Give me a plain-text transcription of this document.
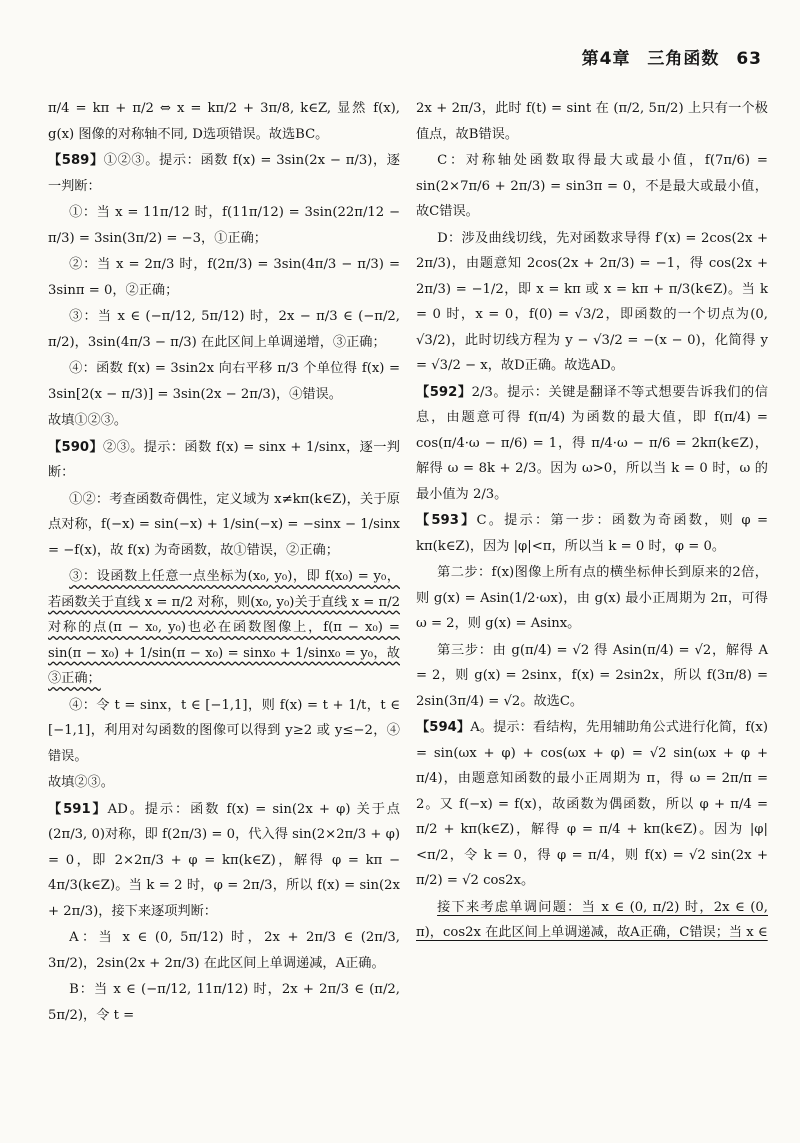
第4章 三角函数 63

π/4 = kπ + π/2 ⇔ x = kπ/2 + 3π/8, k∈Z, 显然 f(x), g(x) 图像的对称轴不同, D选项错误。故选BC。

【589】①②③。提示：函数 f(x) = 3sin(2x − π/3)，逐一判断：

①：当 x = 11π/12 时，f(11π/12) = 3sin(22π/12 − π/3) = 3sin(3π/2) = −3，①正确；

②：当 x = 2π/3 时，f(2π/3) = 3sin(4π/3 − π/3) = 3sinπ = 0，②正确；

③：当 x ∈ (−π/12, 5π/12) 时，2x − π/3 ∈ (−π/2, π/2)，3sin(4π/3 − π/3) 在此区间上单调递增，③正确；

④：函数 f(x) = 3sin2x 向右平移 π/3 个单位得 f(x) = 3sin[2(x − π/3)] = 3sin(2x − 2π/3)，④错误。

故填①②③。

【590】②③。提示：函数 f(x) = sinx + 1/sinx，逐一判断：

①②：考查函数奇偶性，定义域为 x≠kπ(k∈Z)，关于原点对称，f(−x) = sin(−x) + 1/sin(−x) = −sinx − 1/sinx = −f(x)，故 f(x) 为奇函数，故①错误，②正确；

③：设函数上任意一点坐标为(x₀, y₀)，即 f(x₀) = y₀，若函数关于直线 x = π/2 对称，则(x₀, y₀)关于直线 x = π/2 对称的点(π − x₀, y₀)也必在函数图像上，f(π − x₀) = sin(π − x₀) + 1/sin(π − x₀) = sinx₀ + 1/sinx₀ = y₀，故③正确；

④：令 t = sinx，t ∈ [−1,1]，则 f(x) = t + 1/t，t ∈ [−1,1]，利用对勾函数的图像可以得到 y≥2 或 y≤−2，④错误。

故填②③。

【591】AD。提示：函数 f(x) = sin(2x + φ) 关于点(2π/3, 0)对称，即 f(2π/3) = 0，代入得 sin(2×2π/3 + φ) = 0，即 2×2π/3 + φ = kπ(k∈Z)，解得 φ = kπ − 4π/3(k∈Z)。当 k = 2 时，φ = 2π/3，所以 f(x) = sin(2x + 2π/3)，接下来逐项判断：

A：当 x ∈ (0, 5π/12) 时，2x + 2π/3 ∈ (2π/3, 3π/2)，2sin(2x + 2π/3) 在此区间上单调递减，A正确。

B：当 x ∈ (−π/12, 11π/12) 时，2x + 2π/3 ∈ (π/2, 5π/2)，令 t =

2x + 2π/3，此时 f(t) = sint 在 (π/2, 5π/2) 上只有一个极值点，故B错误。

C：对称轴处函数取得最大或最小值，f(7π/6) = sin(2×7π/6 + 2π/3) = sin3π = 0，不是最大或最小值，故C错误。

D：涉及曲线切线，先对函数求导得 f′(x) = 2cos(2x + 2π/3)，由题意知 2cos(2x + 2π/3) = −1，得 cos(2x + 2π/3) = −1/2，即 x = kπ 或 x = kπ + π/3(k∈Z)。当 k = 0 时，x = 0，f(0) = √3/2，即函数的一个切点为(0, √3/2)，此时切线方程为 y − √3/2 = −(x − 0)，化简得 y = √3/2 − x，故D正确。故选AD。

【592】2/3。提示：关键是翻译不等式想要告诉我们的信息，由题意可得 f(π/4) 为函数的最大值，即 f(π/4) = cos(π/4·ω − π/6) = 1，得 π/4·ω − π/6 = 2kπ(k∈Z)，解得 ω = 8k + 2/3。因为 ω>0，所以当 k = 0 时，ω 的最小值为 2/3。

【593】C。提示：第一步：函数为奇函数，则 φ = kπ(k∈Z)，因为 |φ|<π，所以当 k = 0 时，φ = 0。

第二步：f(x)图像上所有点的横坐标伸长到原来的2倍，则 g(x) = Asin(1/2·ωx)，由 g(x) 最小正周期为 2π，可得 ω = 2，则 g(x) = Asinx。

第三步：由 g(π/4) = √2 得 Asin(π/4) = √2，解得 A = 2，则 g(x) = 2sinx，f(x) = 2sin2x，所以 f(3π/8) = 2sin(3π/4) = √2。故选C。

【594】A。提示：看结构，先用辅助角公式进行化简，f(x) = sin(ωx + φ) + cos(ωx + φ) = √2 sin(ωx + φ + π/4)，由题意知函数的最小正周期为 π，得 ω = 2π/π = 2。又 f(−x) = f(x)，故函数为偶函数，所以 φ + π/4 = π/2 + kπ(k∈Z)，解得 φ = π/4 + kπ(k∈Z)。因为 |φ|<π/2，令 k = 0，得 φ = π/4，则 f(x) = √2 sin(2x + π/2) = √2 cos2x。

接下来考虑单调问题：当 x ∈ (0, π/2) 时，2x ∈ (0, π)，cos2x 在此区间上单调递减，故A正确，C错误；当 x ∈
